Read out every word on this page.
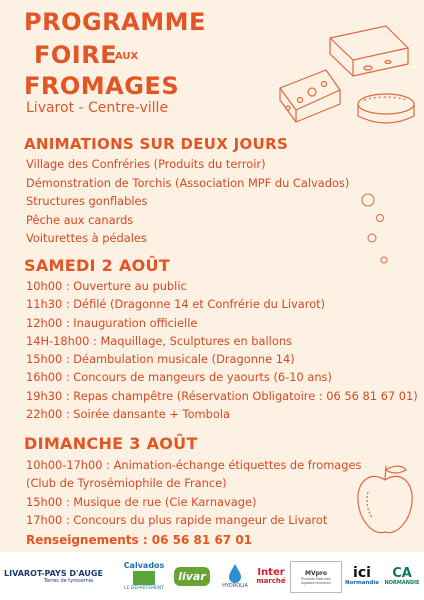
PROGRAMME
FOIRE
AUX
FROMAGES
Livarot - Centre-ville
ANIMATIONS SUR DEUX JOURS
Village des Confréries (Produits du terroir)
Démonstration de Torchis (Association MPF du Calvados)
Structures gonflables
Pêche aux canards
Voiturettes à pédales
SAMEDI 2 AOÛT
10h00 : Ouverture au public
11h30 : Défilé (Dragonne 14 et Confrérie du Livarot)
12h00 : Inauguration officielle
14H-18h00 : Maquillage, Sculptures en ballons
15h00 : Déambulation musicale (Dragonne 14)
16h00 : Concours de mangeurs de yaourts (6-10 ans)
19h30 : Repas champêtre (Réservation Obligatoire : 06 56 81 67 01)
22h00 : Soirée dansante + Tombola
DIMANCHE 3 AOÛT
10h00-17h00 : Animation-échange étiquettes de fromages
(Club de Tyrosémiophile de France)
15h00 : Musique de rue (Cie Karnavage)
17h00 : Concours du plus rapide mangeur de Livarot
Renseignements : 06 56 81 67 01
LIVAROT-PAYS D'AUGE
Terres de tyrosémie
Calvados
LE DÉPARTEMENT
livar
HYDROLIA
Inter
marché
MVpro
Produits Naturels Agroalimentaires
ici
Normandie
CA
NORMANDIE
